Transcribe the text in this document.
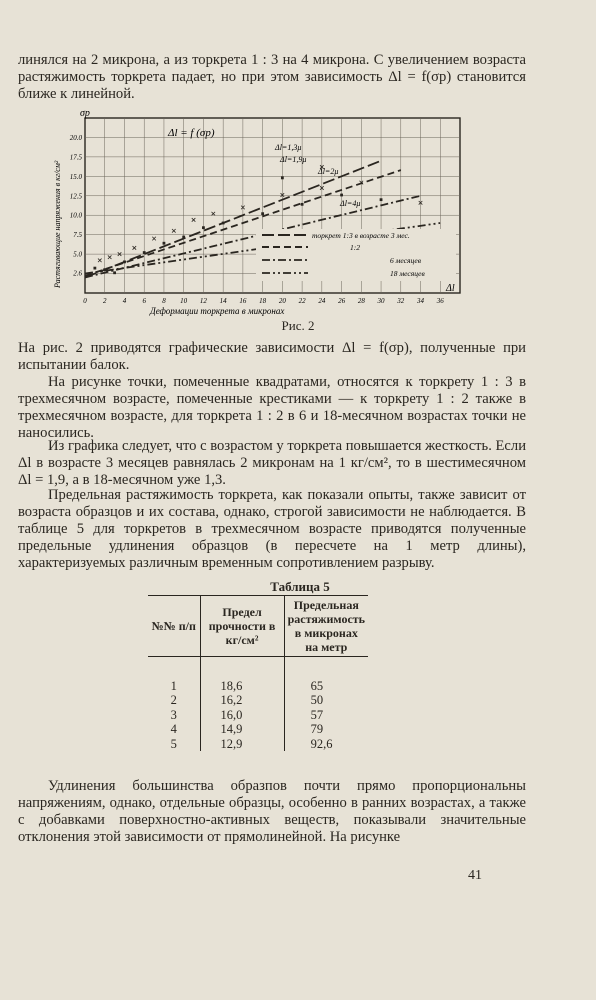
линялся на 2 микрона, а из торкрета 1 : 3 на 4 микрона. С увеличением возраста растяжимость торкрета падает, но при этом зависимость Δl = f(σp) становится ближе к линейной.

0 2 4 6 8 10 12 14 16 18 20 22 24 26 28 30 32 34 36
2.6
5.0
7.5
10.0
12.5
15.0
17.5
20.0
σp
Δl
Растягивающие напряжения в кг/см²
Деформации торкрета в микронах
Δl = f (σp)
Δl=1,3μ
Δl=1,9μ
Δl=2μ
Δl=4μ
торкрет 1:3 в возрасте 3 мес.
1:2
6 месяцев
18 месяцев

Рис. 2

На рис. 2 приводятся графические зависимости Δl = f(σp), полученные при испытании балок.

На рисунке точки, помеченные квадратами, относятся к торкрету 1 : 3 в трехмесячном возрасте, помеченные крестиками — к торкрету 1 : 2 также в трехмесячном возрасте, для торкрета 1 : 2 в 6 и 18-месячном возрастах точки не наносились.

Из графика следует, что с возрастом у торкрета повышается жесткость. Если Δl в возрасте 3 месяцев равнялась 2 микронам на 1 кг/см², то в шестимесячном Δl = 1,9, а в 18-месячном уже 1,3.

Предельная растяжимость торкрета, как показали опыты, также зависит от возраста образцов и их состава, однако, строгой зависимости не наблюдается. В таблице 5 для торкретов в трехмесячном возрасте приводятся полученные предельные удлинения образцов (в пересчете на 1 метр длины), характеризуемых различным временным сопротивлением разрыву.

Таблица 5

№№ п/п	Предел прочности в кг/см²	Предельная растяжимость в микронах на метр
1	18,6	65
2	16,2	50
3	16,0	57
4	14,9	79
5	12,9	92,6

Удлинения большинства образпов почти прямо пропорциональны напряжениям, однако, отдельные образцы, особенно в ранних возрастах, а также с добавками поверхностно-активных веществ, показывали значительные отклонения этой зависимости от прямолинейной. На рисунке

41
